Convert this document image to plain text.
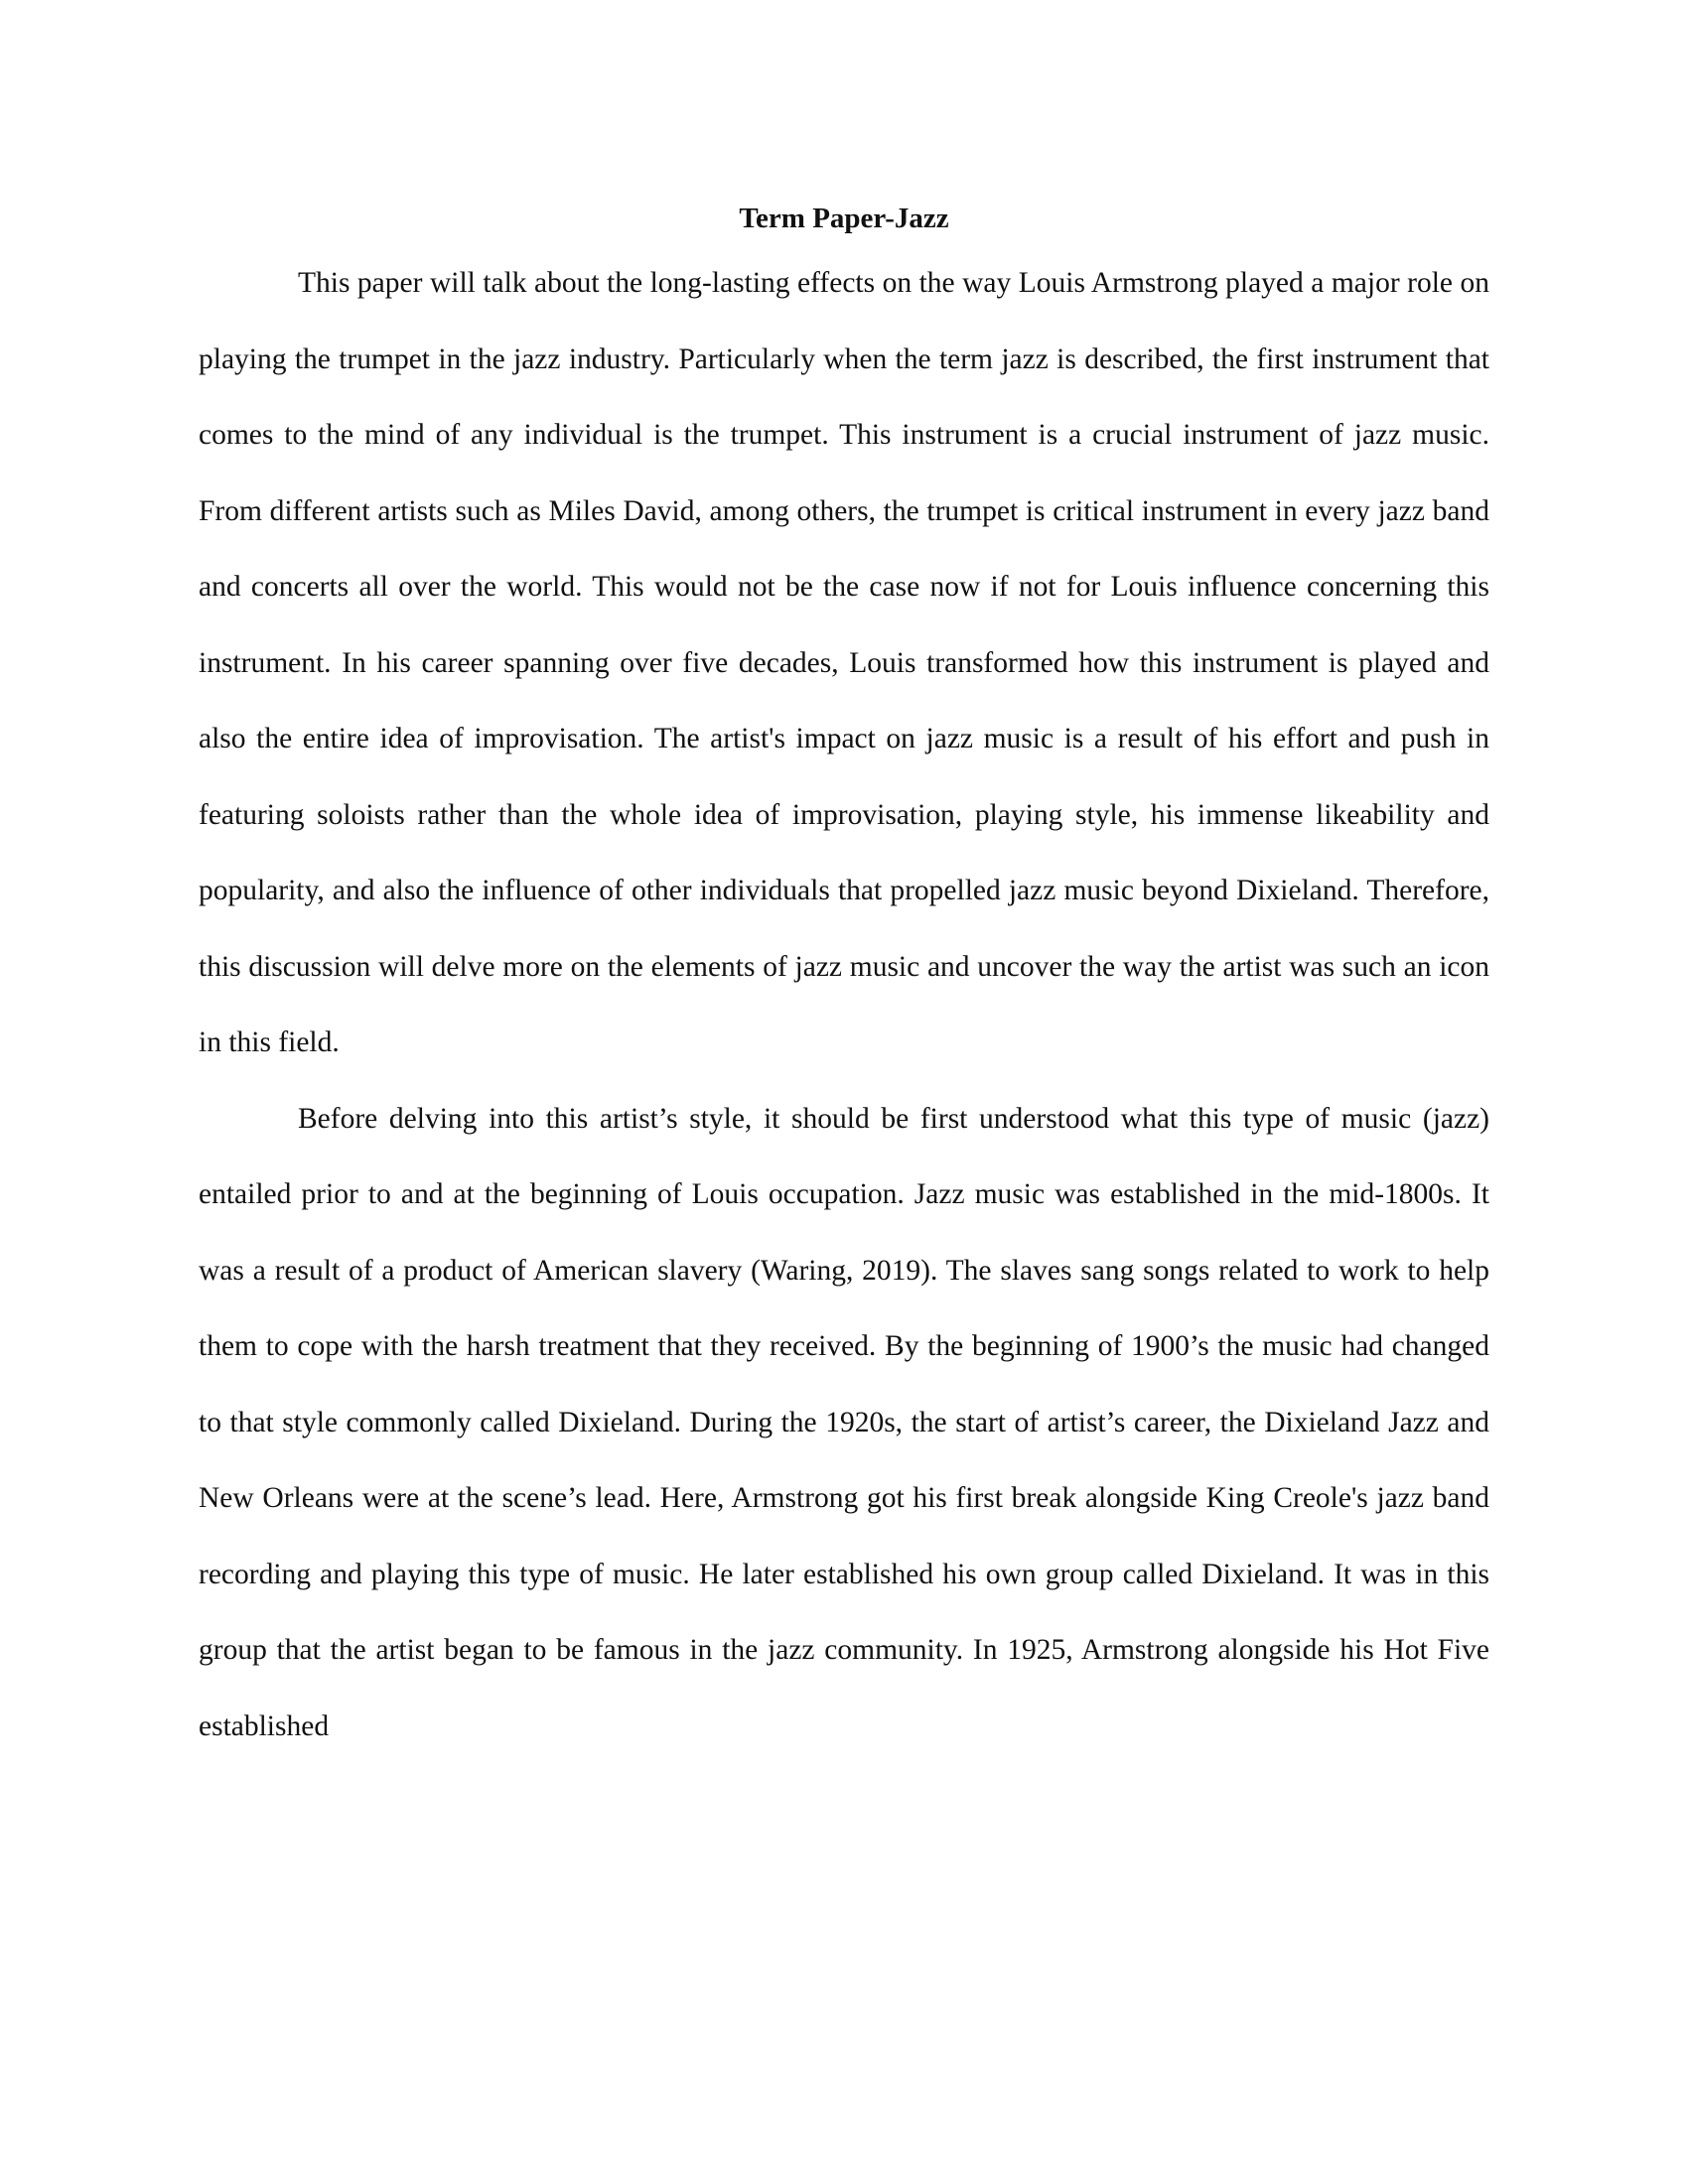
Term Paper-Jazz

This paper will talk about the long-lasting effects on the way Louis Armstrong played a major role on playing the trumpet in the jazz industry. Particularly when the term jazz is described, the first instrument that comes to the mind of any individual is the trumpet. This instrument is a crucial instrument of jazz music. From different artists such as Miles David, among others, the trumpet is critical instrument in every jazz band and concerts all over the world. This would not be the case now if not for Louis influence concerning this instrument. In his career spanning over five decades, Louis transformed how this instrument is played and also the entire idea of improvisation. The artist's impact on jazz music is a result of his effort and push in featuring soloists rather than the whole idea of improvisation, playing style, his immense likeability and popularity, and also the influence of other individuals that propelled jazz music beyond Dixieland. Therefore, this discussion will delve more on the elements of jazz music and uncover the way the artist was such an icon in this field.

Before delving into this artist’s style, it should be first understood what this type of music (jazz) entailed prior to and at the beginning of Louis occupation. Jazz music was established in the mid-1800s. It was a result of a product of American slavery (Waring, 2019). The slaves sang songs related to work to help them to cope with the harsh treatment that they received. By the beginning of 1900’s the music had changed to that style commonly called Dixieland. During the 1920s, the start of artist’s career, the Dixieland Jazz and New Orleans were at the scene’s lead. Here, Armstrong got his first break alongside King Creole's jazz band recording and playing this type of music. He later established his own group called Dixieland. It was in this group that the artist began to be famous in the jazz community. In 1925, Armstrong alongside his Hot Five established
